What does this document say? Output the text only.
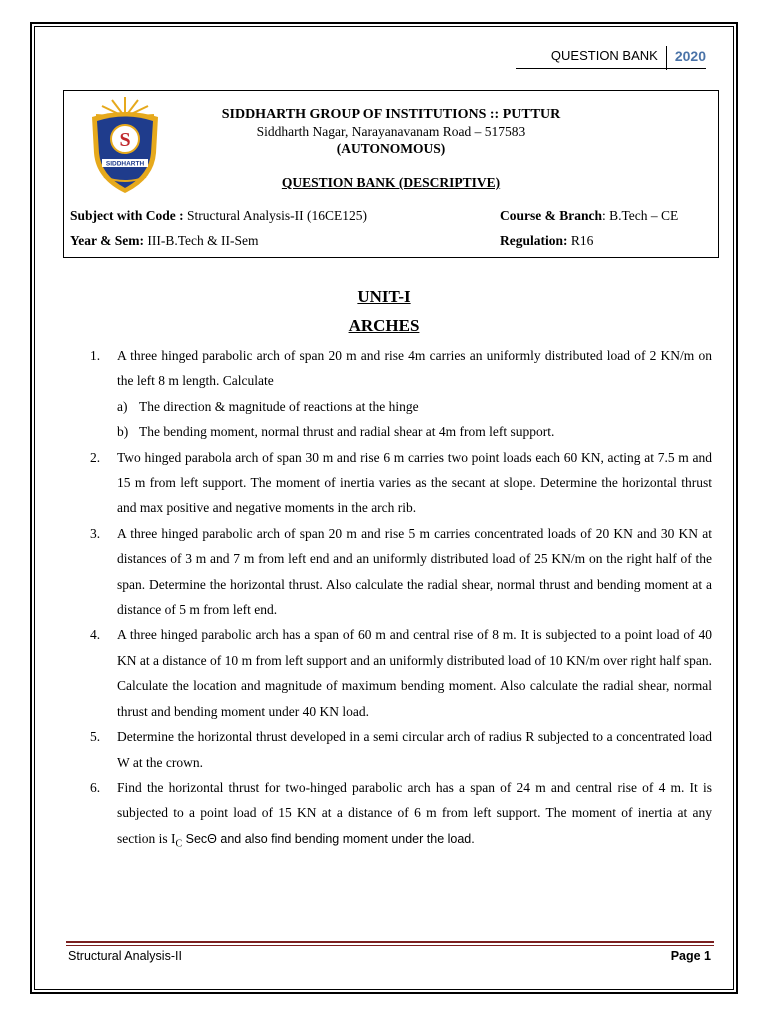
QUESTION BANK	2020
S
SIDDHARTH
SIDDHARTH GROUP OF INSTITUTIONS :: PUTTUR
Siddharth Nagar, Narayanavanam Road – 517583
(AUTONOMOUS)
QUESTION BANK (DESCRIPTIVE)
Subject with Code : Structural Analysis-II (16CE125)	Course & Branch: B.Tech – CE
Year & Sem: III-B.Tech & II-Sem	Regulation: R16
UNIT-I
ARCHES
1. A three hinged parabolic arch of span 20 m and rise 4m carries an uniformly distributed load of 2 KN/m on the left 8 m length. Calculate
a) The direction & magnitude of reactions at the hinge
b) The bending moment, normal thrust and radial shear at 4m from left support.
2. Two hinged parabola arch of span 30 m and rise 6 m carries two point loads each 60 KN, acting at 7.5 m and 15 m from left support. The moment of inertia varies as the secant at slope. Determine the horizontal thrust and max positive and negative moments in the arch rib.
3. A three hinged parabolic arch of span 20 m and rise 5 m carries concentrated loads of 20 KN and 30 KN at distances of 3 m and 7 m from left end and an uniformly distributed load of 25 KN/m on the right half of the span. Determine the horizontal thrust. Also calculate the radial shear, normal thrust and bending moment at a distance of 5 m from left end.
4. A three hinged parabolic arch has a span of 60 m and central rise of 8 m. It is subjected to a point load of 40 KN at a distance of 10 m from left support and an uniformly distributed load of 10 KN/m over right half span. Calculate the location and magnitude of maximum bending moment. Also calculate the radial shear, normal thrust and bending moment under 40 KN load.
5. Determine the horizontal thrust developed in a semi circular arch of radius R subjected to a concentrated load W at the crown.
6. Find the horizontal thrust for two-hinged parabolic arch has a span of 24 m and central rise of 4 m. It is subjected to a point load of 15 KN at a distance of 6 m from left support. The moment of inertia at any section is $I_C$ SecΘ and also find bending moment under the load.
Structural Analysis-II	Page 1
